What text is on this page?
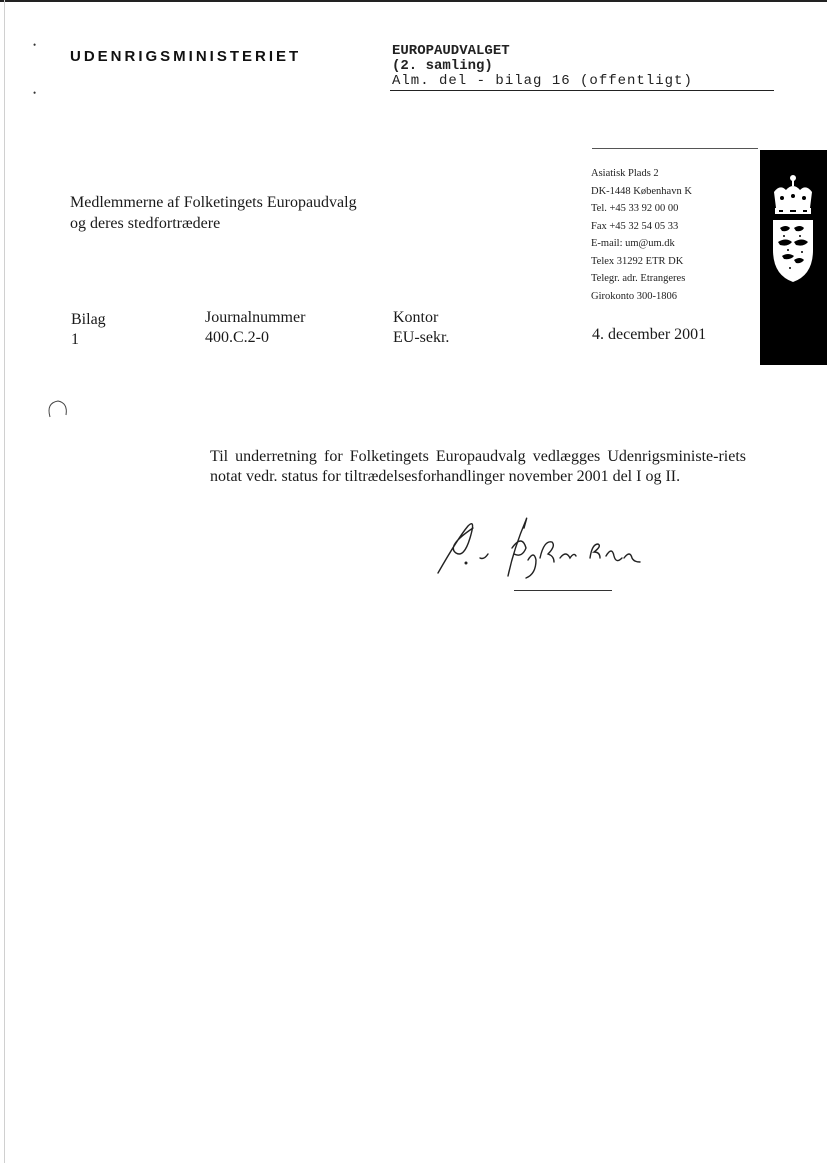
•
•
UDENRIGSMINISTERIET	EUROPAUDVALGET
(2. samling)
Alm. del - bilag 16 (offentligt)
Medlemmerne af Folketingets Europaudvalg
og deres stedfortrædere
Asiatisk Plads 2
DK-1448 København K
Tel. +45 33 92 00 00
Fax +45 32 54 05 33
E-mail: um@um.dk
Telex 31292 ETR DK
Telegr. adr. Etrangeres
Girokonto 300-1806
Bilag
1
Journalnummer
400.C.2-0
Kontor
EU-sekr.	4. december 2001
Til underretning for Folketingets Europaudvalg vedlægges Udenrigsministe-riets notat vedr. status for tiltrædelsesforhandlinger november 2001 del I og II.
